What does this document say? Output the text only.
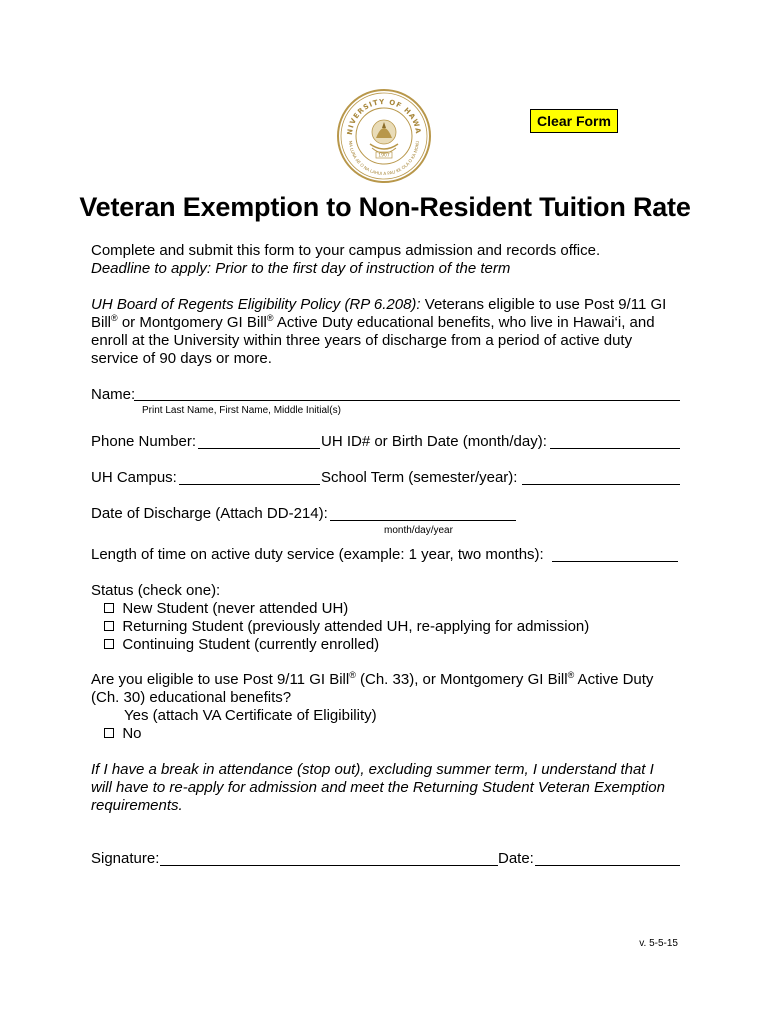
NIVERSITY OF HAWA
MA LUNA AE O NA LAHUI A PAU KE OLA O KA MOKU
1907
Clear Form
Veteran Exemption to Non-Resident Tuition Rate
Complete and submit this form to your campus admission and records office.
Deadline to apply: Prior to the first day of instruction of the term
UH Board of Regents Eligibility Policy (RP 6.208): Veterans eligible to use Post 9/11 GI
Bill® or Montgomery GI Bill® Active Duty educational benefits, who live in Hawai‘i, and
enroll at the University within three years of discharge from a period of active duty
service of 90 days or more.
Name:
Print Last Name, First Name, Middle Initial(s)
Phone Number:	UH ID# or Birth Date (month/day):
UH Campus:	School Term (semester/year):
Date of Discharge (Attach DD-214):
month/day/year
Length of time on active duty service (example: 1 year, two months):
Status (check one):
New Student (never attended UH)
Returning Student (previously attended UH, re-applying for admission)
Continuing Student (currently enrolled)
Are you eligible to use Post 9/11 GI Bill® (Ch. 33), or Montgomery GI Bill® Active Duty
(Ch. 30) educational benefits?
Yes (attach VA Certificate of Eligibility)
No
If I have a break in attendance (stop out), excluding summer term, I understand that I
will have to re-apply for admission and meet the Returning Student Veteran Exemption
requirements.
Signature:	Date:
v. 5-5-15
